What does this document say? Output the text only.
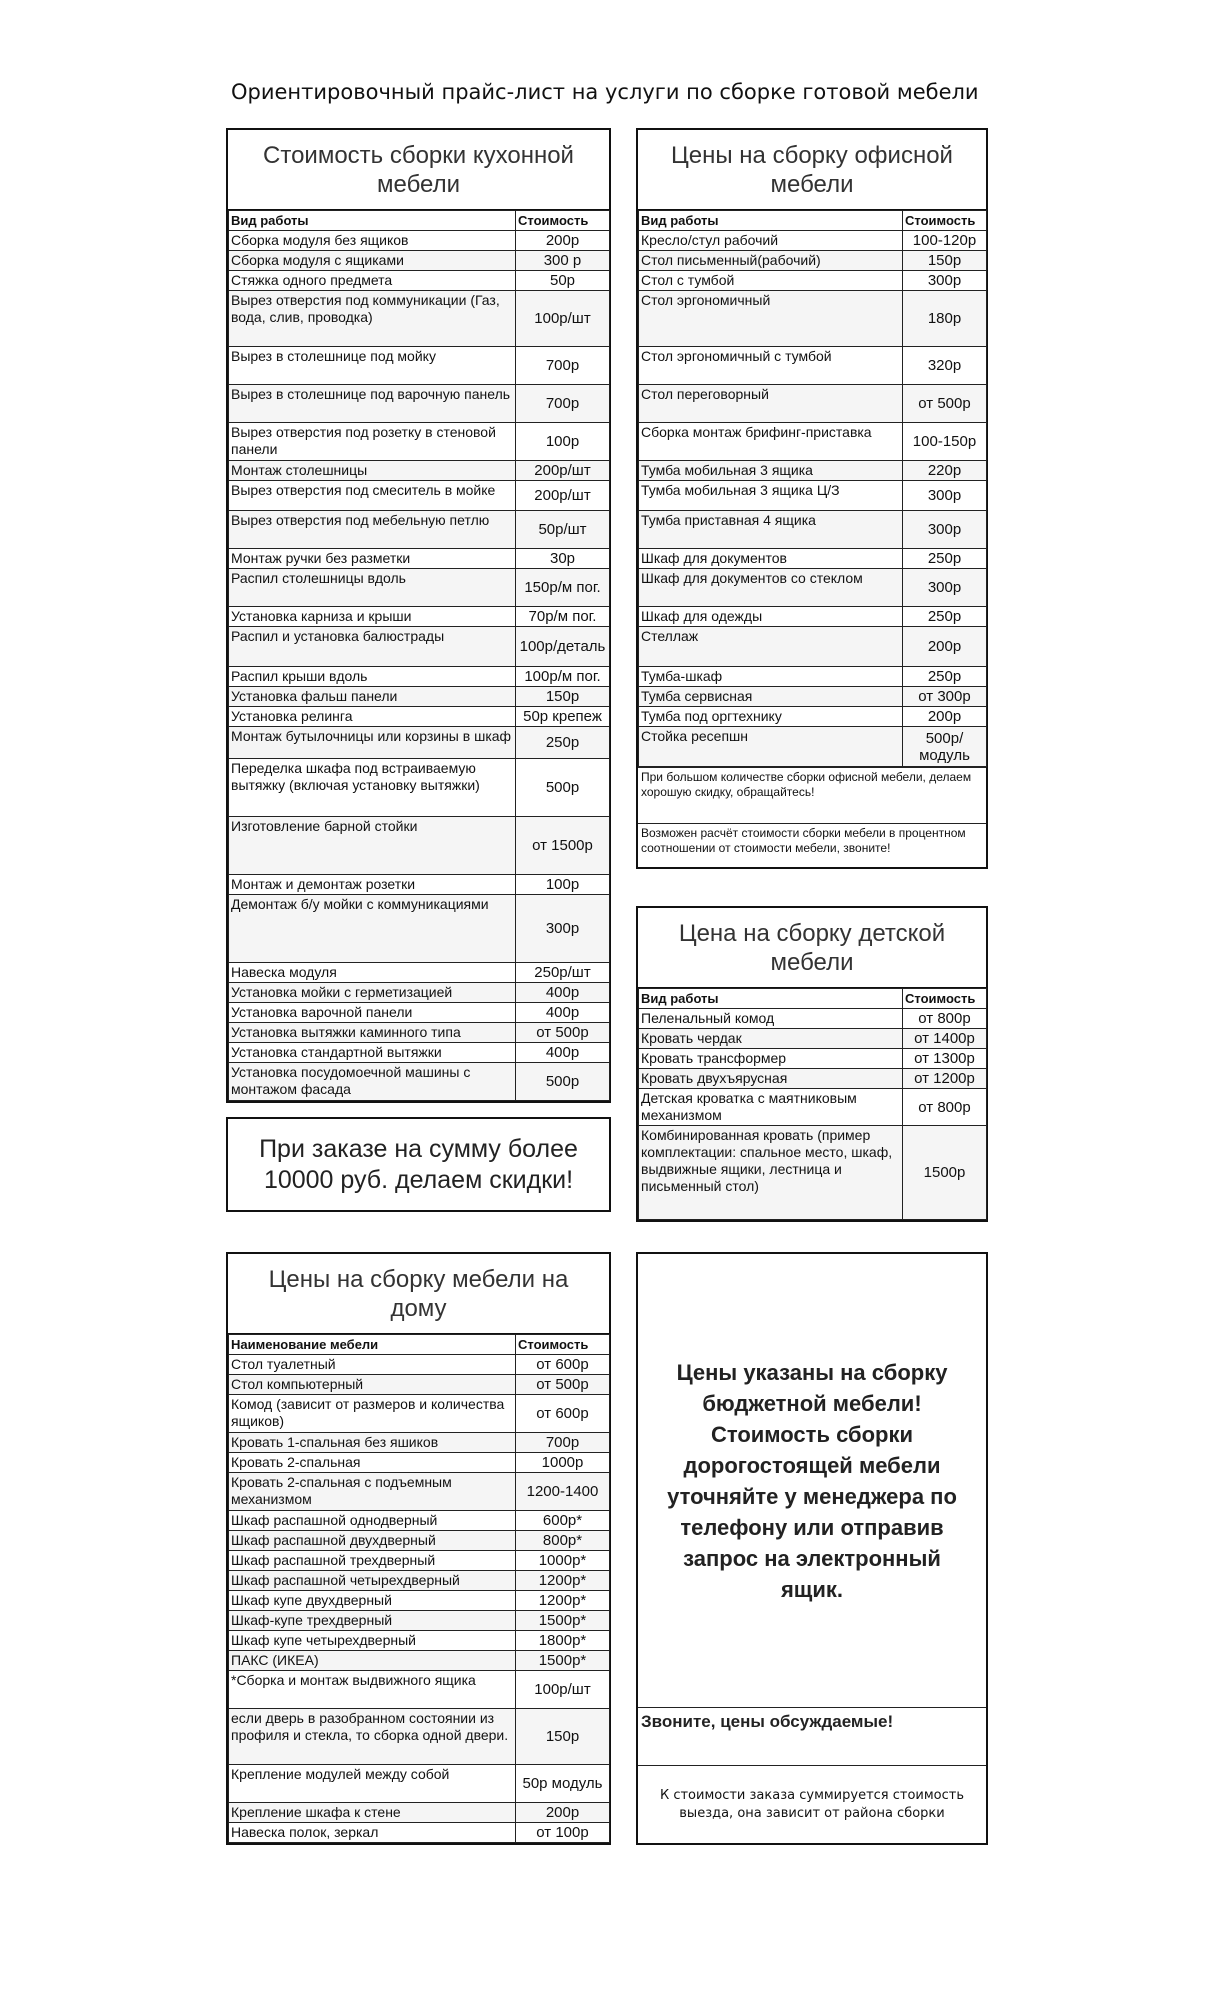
Ориентировочный прайс-лист на услуги по сборке готовой мебели
Стоимость сборки кухонной мебели
Вид работы	Стоимость
Сборка модуля без ящиков	200р
Сборка модуля с ящиками	300 р
Стяжка одного предмета	50р
Вырез отверстия под коммуникации (Газ, вода, слив, проводка)	100р/шт
Вырез в столешнице под мойку	700р
Вырез в столешнице под варочную панель	700р
Вырез отверстия под розетку в стеновой панели	100р
Монтаж столешницы	200р/шт
Вырез отверстия под смеситель в мойке	200р/шт
Вырез отверстия под мебельную петлю	50р/шт
Монтаж ручки без разметки	30р
Распил столешницы вдоль	150р/м пог.
Установка карниза и крыши	70р/м пог.
Распил и установка балюстрады	100р/деталь
Распил крыши вдоль	100р/м пог.
Установка фальш панели	150р
Установка релинга	50р крепеж
Монтаж бутылочницы или корзины в шкаф	250р
Переделка шкафа под встраиваемую вытяжку (включая установку вытяжки)	500р
Изготовление барной стойки	от 1500р
Монтаж и демонтаж розетки	100р
Демонтаж б/у мойки с коммуникациями	300р
Навеска модуля	250р/шт
Установка мойки с герметизацией	400р
Установка варочной панели	400р
Установка вытяжки каминного типа	от 500р
Установка стандартной вытяжки	400р
Установка посудомоечной машины с монтажом фасада	500р
При заказе на сумму более 10000 руб. делаем скидки!
Цены на сборку офисной мебели
Вид работы	Стоимость
Кресло/стул рабочий	100-120р
Стол письменный(рабочий)	150р
Стол с тумбой	300р
Стол эргономичный	180р
Стол эргономичный с тумбой	320р
Стол переговорный	от 500р
Сборка монтаж брифинг-приставка	100-150р
Тумба мобильная 3 ящика	220р
Тумба мобильная 3 ящика Ц/З	300р
Тумба приставная 4 ящика	300р
Шкаф для документов	250р
Шкаф для документов со стеклом	300р
Шкаф для одежды	250р
Стеллаж	200р
Тумба-шкаф	250р
Тумба сервисная	от 300р
Тумба под оргтехнику	200р
Стойка ресепшн	500р/модуль
При большом количестве сборки офисной мебели, делаем хорошую скидку, обращайтесь!
Возможен расчёт стоимости сборки мебели в процентном соотношении от стоимости мебели, звоните!
Цена на сборку детской мебели
Вид работы	Стоимость
Пеленальный комод	от 800р
Кровать чердак	от 1400р
Кровать трансформер	от 1300р
Кровать двухъярусная	от 1200р
Детская кроватка с маятниковым механизмом	от 800р
Комбинированная кровать (пример комплектации: спальное место, шкаф, выдвижные ящики, лестница и письменный стол)	1500р
Цены на сборку мебели на дому
Наименование мебели	Стоимость
Стол туалетный	от 600р
Стол компьютерный	от 500р
Комод (зависит от размеров и количества ящиков)	от 600р
Кровать 1-спальная без яшиков	700р
Кровать 2-спальная	1000р
Кровать 2-спальная с подъемным механизмом	1200-1400
Шкаф распашной однодверный	600р*
Шкаф распашной двухдверный	800р*
Шкаф распашной трехдверный	1000р*
Шкаф распашной четырехдверный	1200р*
Шкаф купе двухдверный	1200р*
Шкаф-купе трехдверный	1500р*
Шкаф купе четырехдверный	1800р*
ПАКС (ИКЕА)	1500р*
*Сборка и монтаж выдвижного ящика	100р/шт
если дверь в разобранном состоянии из профиля и стекла, то сборка одной двери.	150р
Крепление модулей между собой	50р модуль
Крепление шкафа к стене	200р
Навеска полок, зеркал	от 100р
Цены указаны на сборку бюджетной мебели! Стоимость сборки дорогостоящей мебели уточняйте у менеджера по телефону или отправив запрос на электронный ящик.
Звоните, цены обсуждаемые!
К стоимости заказа суммируется стоимость выезда, она зависит от района сборки
